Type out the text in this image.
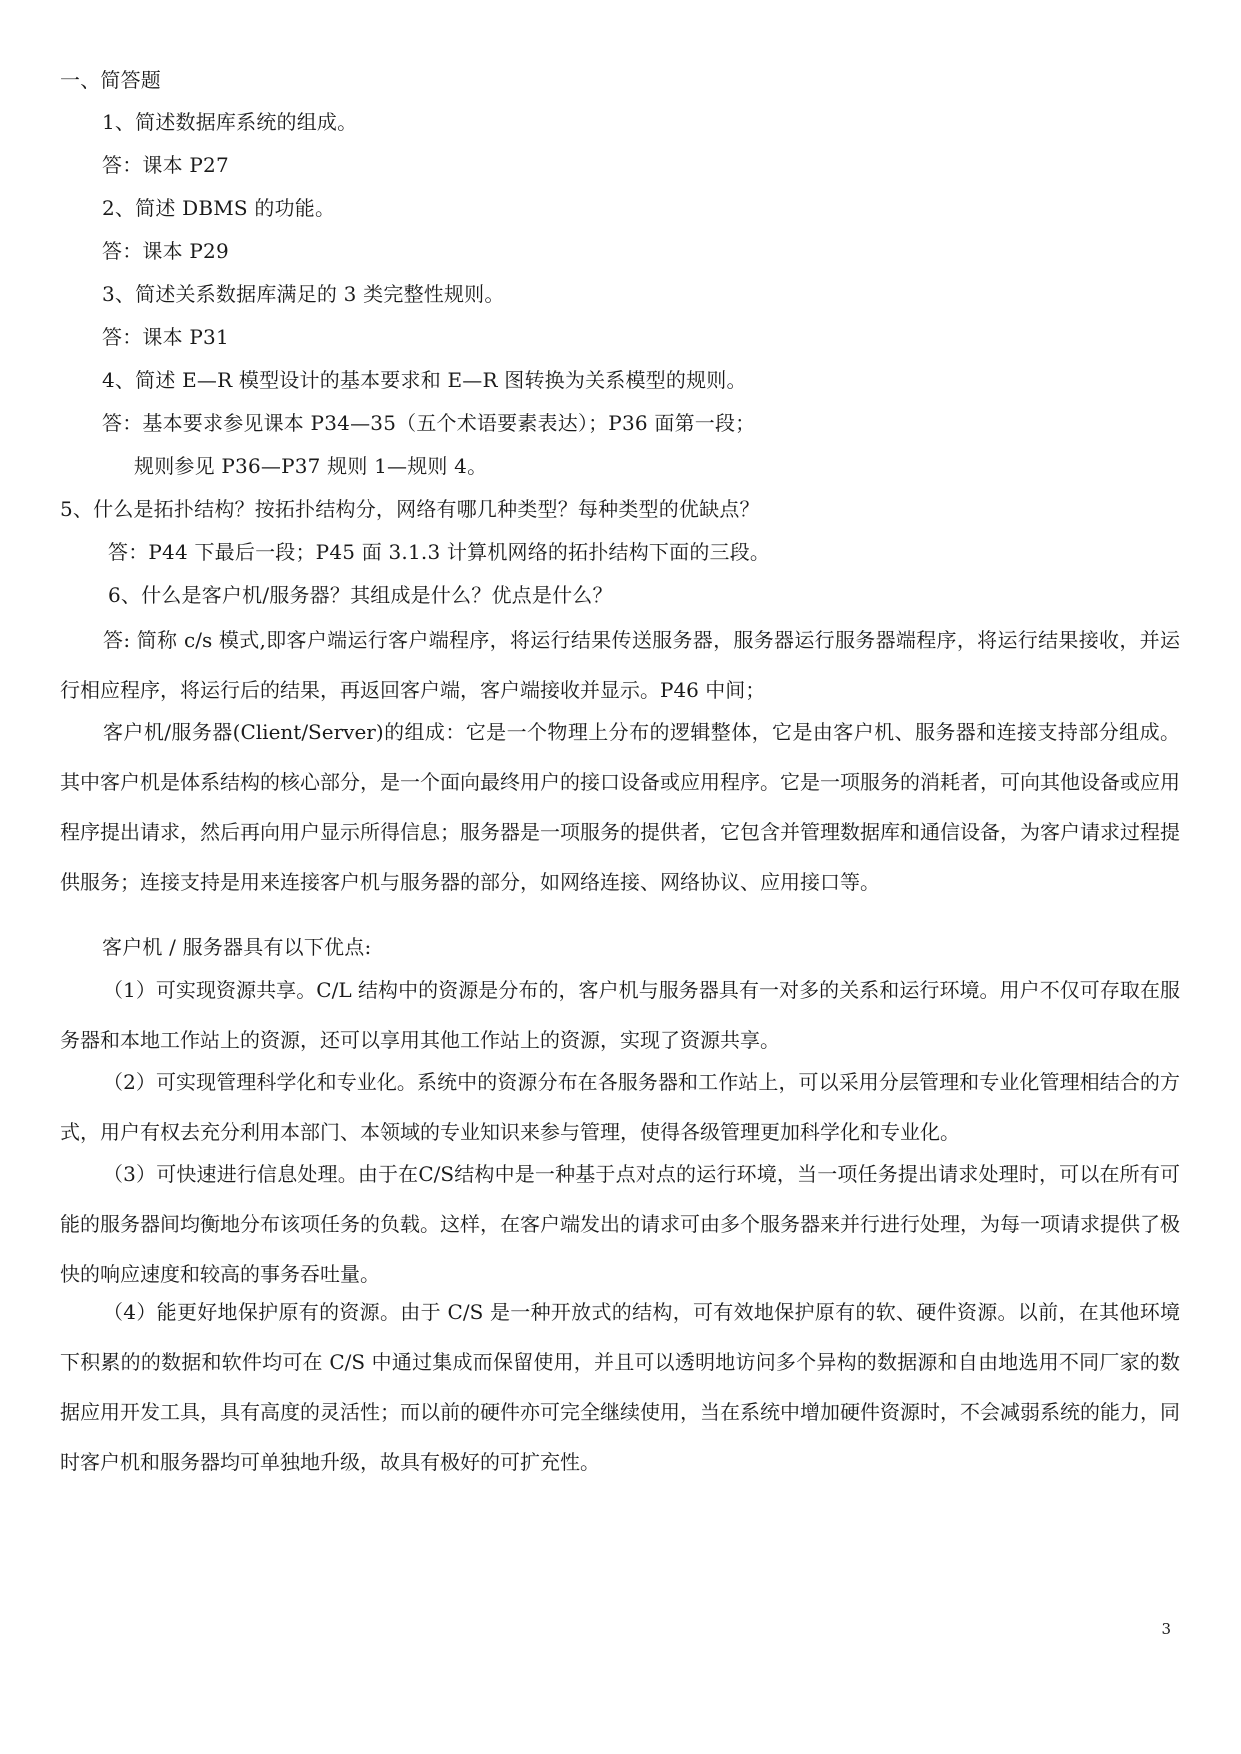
一、简答题
1、简述数据库系统的组成。
答：课本 P27
2、简述 DBMS 的功能。
答：课本 P29
3、简述关系数据库满足的 3 类完整性规则。
答：课本 P31
4、简述 E—R 模型设计的基本要求和 E—R 图转换为关系模型的规则。
答：基本要求参见课本 P34—35（五个术语要素表达）；P36 面第一段；
规则参见 P36—P37 规则 1—规则 4。
5、什么是拓扑结构？按拓扑结构分，网络有哪几种类型？每种类型的优缺点？
答：P44 下最后一段；P45 面 3.1.3 计算机网络的拓扑结构下面的三段。
6、什么是客户机/服务器？其组成是什么？优点是什么？
答: 简称 c/s 模式,即客户端运行客户端程序，将运行结果传送服务器，服务器运行服务器端程序，将运行结果接收，并运行相应程序，将运行后的结果，再返回客户端，客户端接收并显示。P46 中间；
客户机/服务器(Client/Server)的组成：它是一个物理上分布的逻辑整体，它是由客户机、服务器和连接支持部分组成。其中客户机是体系结构的核心部分，是一个面向最终用户的接口设备或应用程序。它是一项服务的消耗者，可向其他设备或应用程序提出请求，然后再向用户显示所得信息；服务器是一项服务的提供者，它包含并管理数据库和通信设备，为客户请求过程提供服务；连接支持是用来连接客户机与服务器的部分，如网络连接、网络协议、应用接口等。
客户机 / 服务器具有以下优点:
（1）可实现资源共享。C/L 结构中的资源是分布的，客户机与服务器具有一对多的关系和运行环境。用户不仅可存取在服务器和本地工作站上的资源，还可以享用其他工作站上的资源，实现了资源共享。
（2）可实现管理科学化和专业化。系统中的资源分布在各服务器和工作站上，可以采用分层管理和专业化管理相结合的方式，用户有权去充分利用本部门、本领域的专业知识来参与管理，使得各级管理更加科学化和专业化。
（3）可快速进行信息处理。由于在C/S结构中是一种基于点对点的运行环境，当一项任务提出请求处理时，可以在所有可能的服务器间均衡地分布该项任务的负载。这样，在客户端发出的请求可由多个服务器来并行进行处理，为每一项请求提供了极快的响应速度和较高的事务吞吐量。
（4）能更好地保护原有的资源。由于 C/S 是一种开放式的结构，可有效地保护原有的软、硬件资源。以前，在其他环境下积累的的数据和软件均可在 C/S 中通过集成而保留使用，并且可以透明地访问多个异构的数据源和自由地选用不同厂家的数据应用开发工具，具有高度的灵活性；而以前的硬件亦可完全继续使用，当在系统中增加硬件资源时，不会减弱系统的能力，同时客户机和服务器均可单独地升级，故具有极好的可扩充性。
3
